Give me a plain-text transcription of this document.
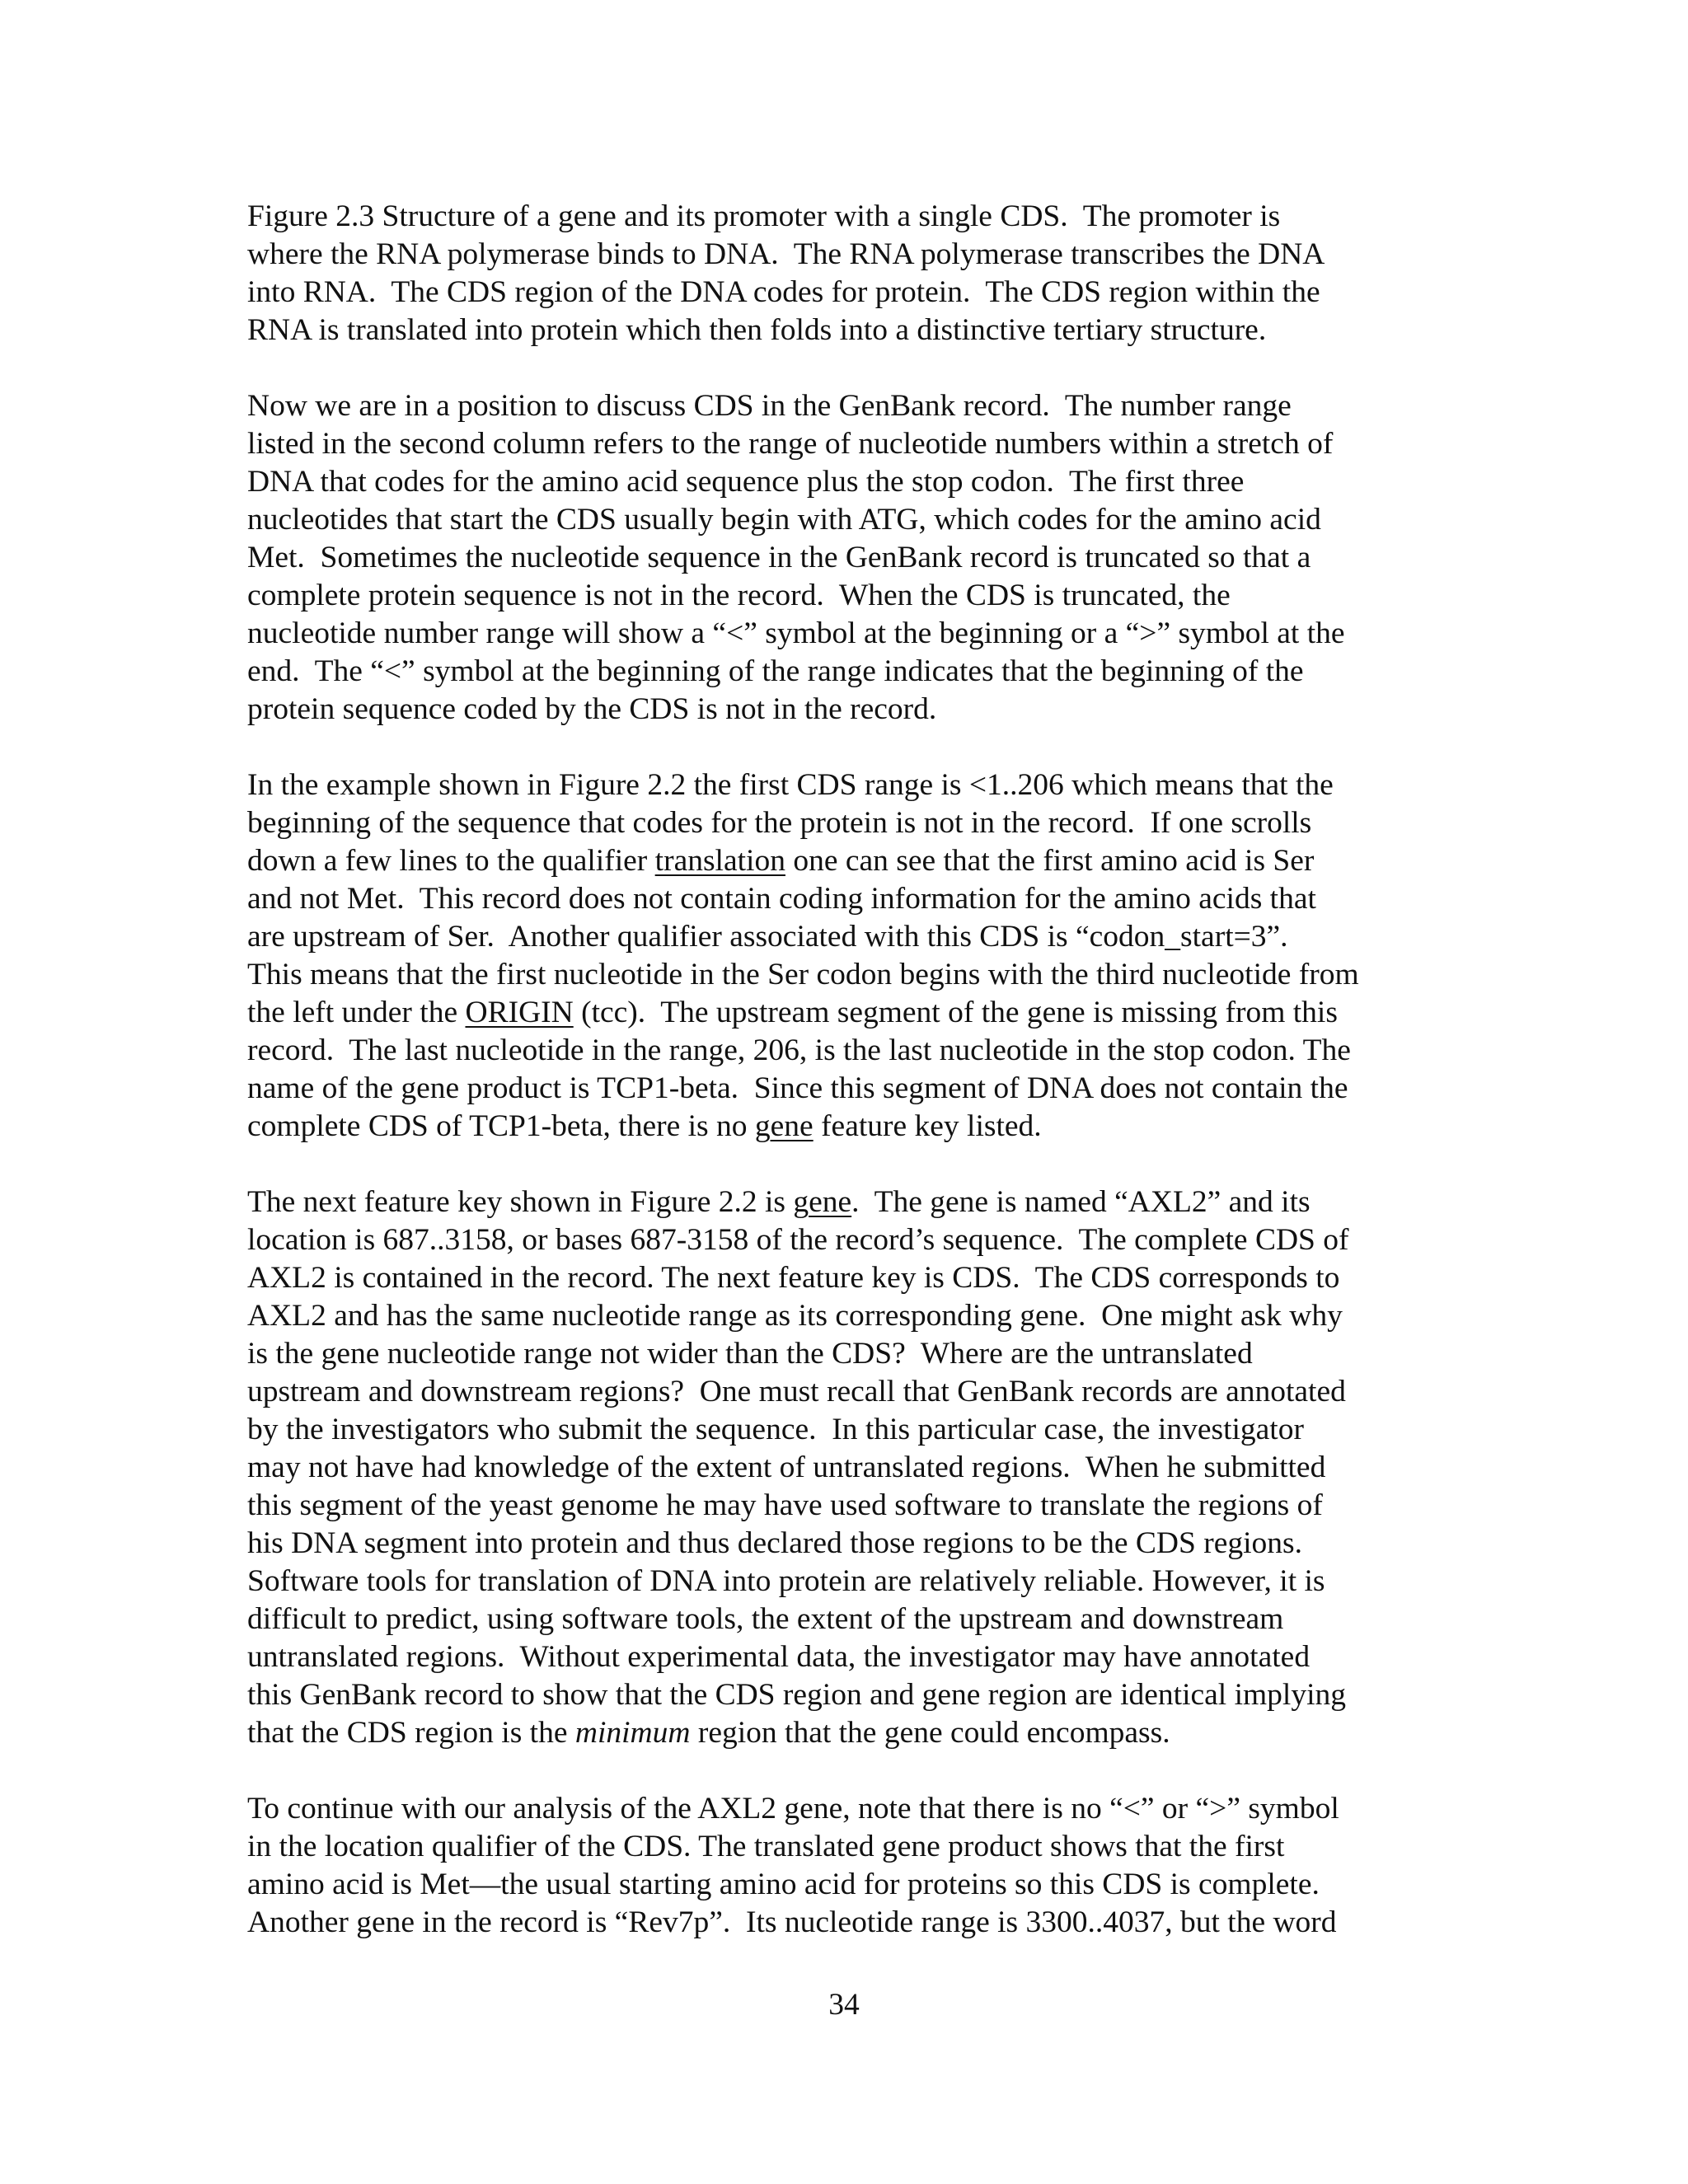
Figure 2.3 Structure of a gene and its promoter with a single CDS.  The promoter is
where the RNA polymerase binds to DNA.  The RNA polymerase transcribes the DNA
into RNA.  The CDS region of the DNA codes for protein.  The CDS region within the
RNA is translated into protein which then folds into a distinctive tertiary structure.
Now we are in a position to discuss CDS in the GenBank record.  The number range
listed in the second column refers to the range of nucleotide numbers within a stretch of
DNA that codes for the amino acid sequence plus the stop codon.  The first three
nucleotides that start the CDS usually begin with ATG, which codes for the amino acid
Met.  Sometimes the nucleotide sequence in the GenBank record is truncated so that a
complete protein sequence is not in the record.  When the CDS is truncated, the
nucleotide number range will show a “<” symbol at the beginning or a “>” symbol at the
end.  The “<” symbol at the beginning of the range indicates that the beginning of the
protein sequence coded by the CDS is not in the record.
In the example shown in Figure 2.2 the first CDS range is <1..206 which means that the
beginning of the sequence that codes for the protein is not in the record.  If one scrolls
down a few lines to the qualifier translation one can see that the first amino acid is Ser
and not Met.  This record does not contain coding information for the amino acids that
are upstream of Ser.  Another qualifier associated with this CDS is “codon_start=3”.
This means that the first nucleotide in the Ser codon begins with the third nucleotide from
the left under the ORIGIN (tcc).  The upstream segment of the gene is missing from this
record.  The last nucleotide in the range, 206, is the last nucleotide in the stop codon. The
name of the gene product is TCP1-beta.  Since this segment of DNA does not contain the
complete CDS of TCP1-beta, there is no gene feature key listed.
The next feature key shown in Figure 2.2 is gene.  The gene is named “AXL2” and its
location is 687..3158, or bases 687-3158 of the record’s sequence.  The complete CDS of
AXL2 is contained in the record. The next feature key is CDS.  The CDS corresponds to
AXL2 and has the same nucleotide range as its corresponding gene.  One might ask why
is the gene nucleotide range not wider than the CDS?  Where are the untranslated
upstream and downstream regions?  One must recall that GenBank records are annotated
by the investigators who submit the sequence.  In this particular case, the investigator
may not have had knowledge of the extent of untranslated regions.  When he submitted
this segment of the yeast genome he may have used software to translate the regions of
his DNA segment into protein and thus declared those regions to be the CDS regions.
Software tools for translation of DNA into protein are relatively reliable. However, it is
difficult to predict, using software tools, the extent of the upstream and downstream
untranslated regions.  Without experimental data, the investigator may have annotated
this GenBank record to show that the CDS region and gene region are identical implying
that the CDS region is the minimum region that the gene could encompass.
To continue with our analysis of the AXL2 gene, note that there is no “<” or “>” symbol
in the location qualifier of the CDS. The translated gene product shows that the first
amino acid is Met—the usual starting amino acid for proteins so this CDS is complete.
Another gene in the record is “Rev7p”.  Its nucleotide range is 3300..4037, but the word
34
